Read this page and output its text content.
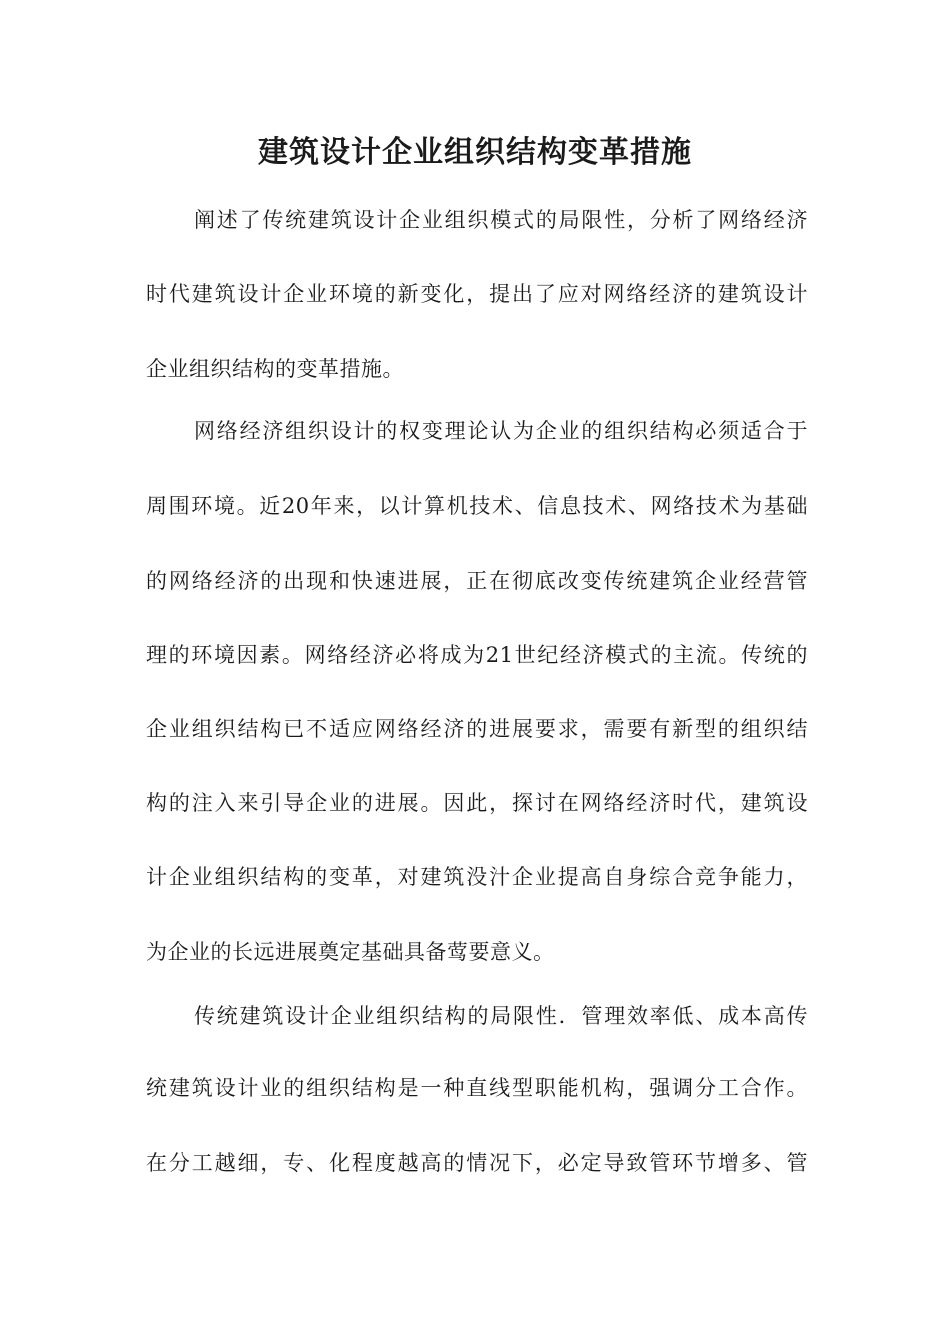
建筑设计企业组织结构变革措施
阐述了传统建筑设计企业组织模式的局限性，分析了网络经济
时代建筑设计企业环境的新变化，提出了应对网络经济的建筑设计
企业组织结构的变革措施。
网络经济组织设计的权变理论认为企业的组织结构必须适合于
周围环境。近20年来，以计算机技术、信息技术、网络技术为基础
的网络经济的出现和快速进展，正在彻底改变传统建筑企业经营管
理的环境因素。网络经济必将成为21世纪经济模式的主流。传统的
企业组织结构已不适应网络经济的进展要求，需要有新型的组织结
构的注入来引导企业的进展。因此，探讨在网络经济时代，建筑设
计企业组织结构的变革，对建筑没汁企业提高自身综合竞争能力，
为企业的长远进展奠定基础具备莺要意义。
传统建筑设计企业组织结构的局限性．管理效率低、成本高传
统建筑设计业的组织结构是一种直线型职能机构，强调分工合作。
在分工越细，专、化程度越高的情况下，必定导致管环节增多、管
